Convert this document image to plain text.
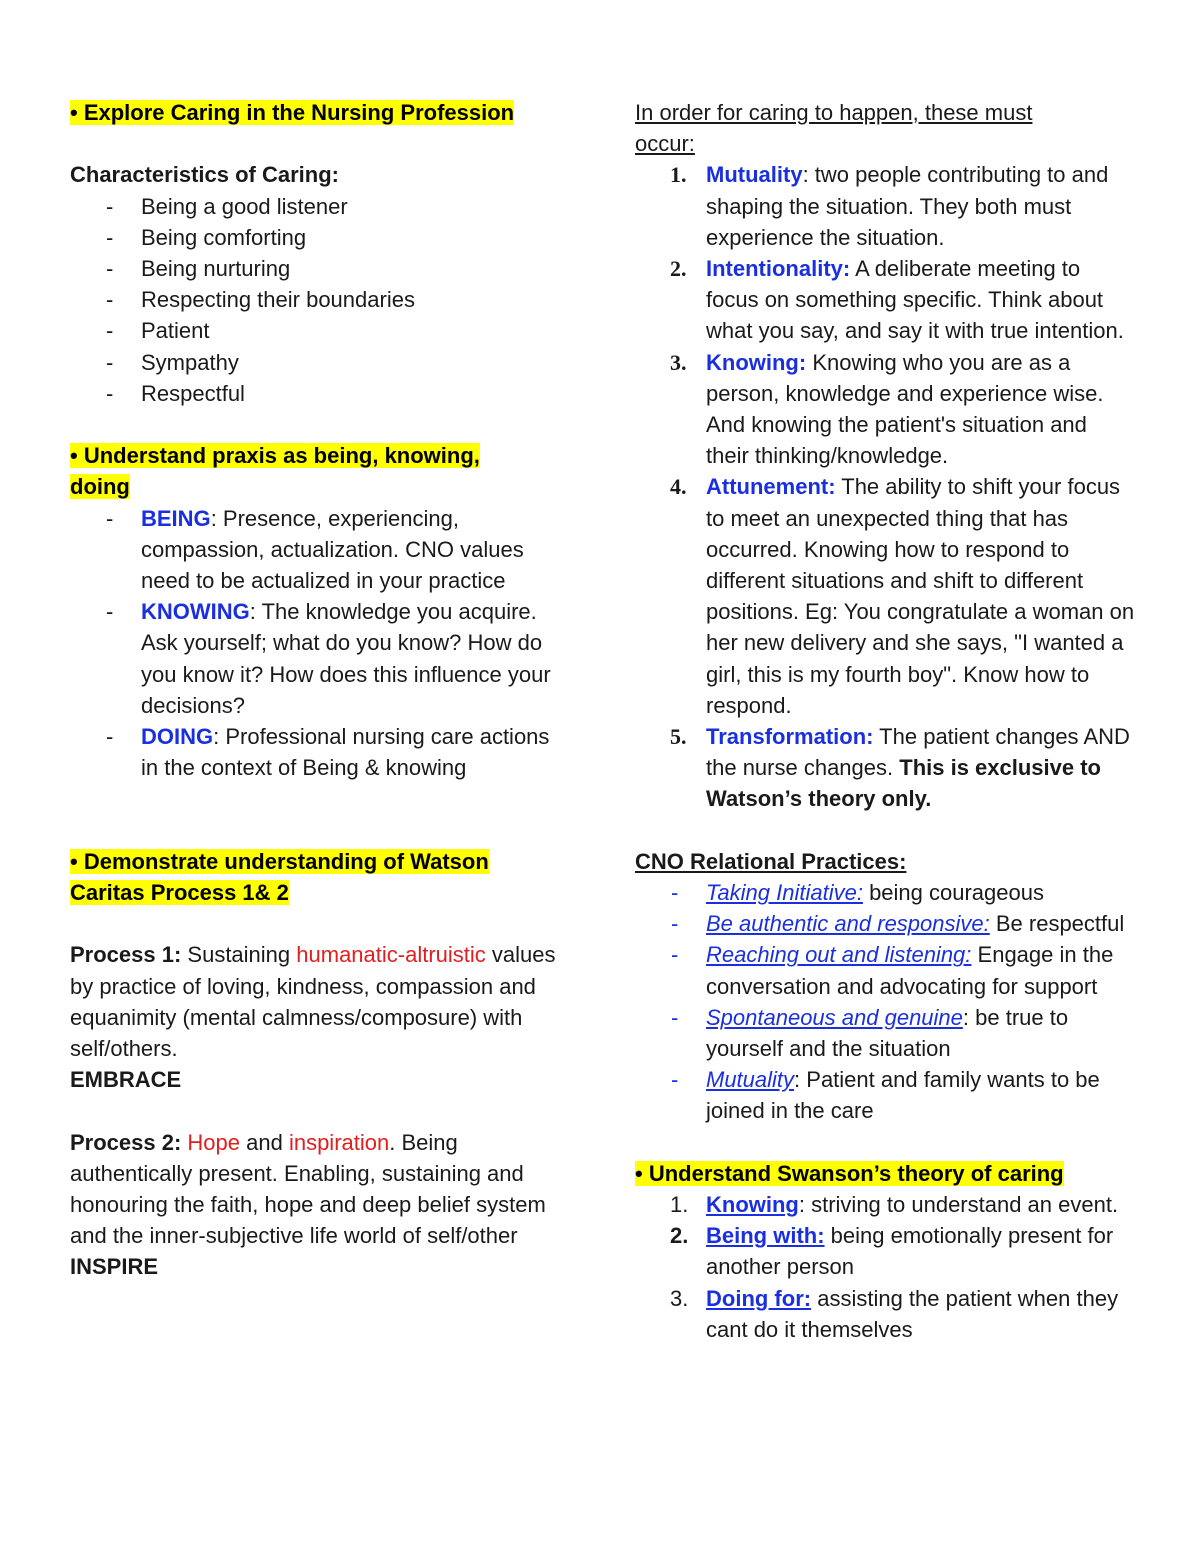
• Explore Caring in the Nursing Profession

Characteristics of Caring:

- Being a good listener
- Being comforting
- Being nurturing
- Respecting their boundaries
- Patient
- Sympathy
- Respectful

• Understand praxis as being, knowing, doing

- BEING: Presence, experiencing, compassion, actualization. CNO values need to be actualized in your practice
- KNOWING: The knowledge you acquire. Ask yourself; what do you know? How do you know it? How does this influence your decisions?
- DOING: Professional nursing care actions in the context of Being & knowing

• Demonstrate understanding of Watson Caritas Process 1& 2

Process 1: Sustaining humanatic-altruistic values by practice of loving, kindness, compassion and equanimity (mental calmness/composure) with self/others.

EMBRACE

Process 2: Hope and inspiration. Being authentically present. Enabling, sustaining and honouring the faith, hope and deep belief system and the inner-subjective life world of self/other

INSPIRE

In order for caring to happen, these must occur:

1. Mutuality: two people contributing to and shaping the situation. They both must experience the situation.
2. Intentionality: A deliberate meeting to focus on something specific. Think about what you say, and say it with true intention.
3. Knowing: Knowing who you are as a person, knowledge and experience wise. And knowing the patient's situation and their thinking/knowledge.
4. Attunement: The ability to shift your focus to meet an unexpected thing that has occurred. Knowing how to respond to different situations and shift to different positions. Eg: You congratulate a woman on her new delivery and she says, "I wanted a girl, this is my fourth boy". Know how to respond.
5. Transformation: The patient changes AND the nurse changes. This is exclusive to Watson’s theory only.

CNO Relational Practices:

- Taking Initiative: being courageous
- Be authentic and responsive: Be respectful
- Reaching out and listening: Engage in the conversation and advocating for support
- Spontaneous and genuine: be true to yourself and the situation
- Mutuality: Patient and family wants to be joined in the care

• Understand Swanson’s theory of caring

1. Knowing: striving to understand an event.
2. Being with: being emotionally present for another person
3. Doing for: assisting the patient when they cant do it themselves
